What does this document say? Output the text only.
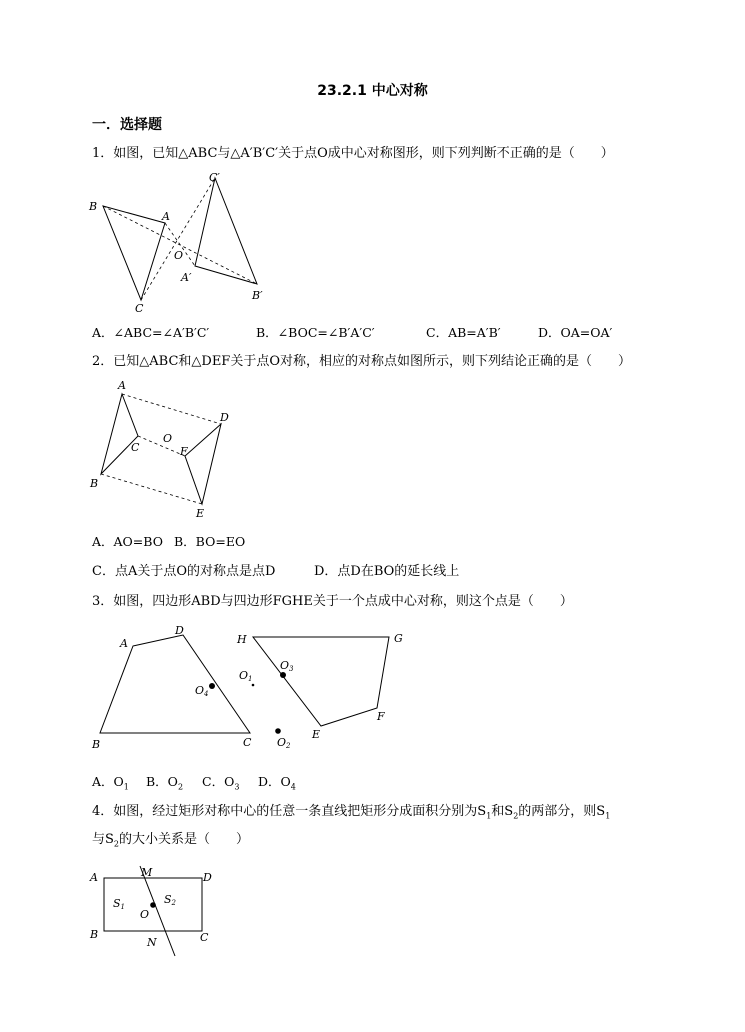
23.2.1 中心对称
一．选择题
1．如图，已知△ABC与△A′B′C′关于点O成中心对称图形，则下列判断不正确的是（　　）
B
A
C
O
C′
A′
B′
A．∠ABC=∠A′B′C′	B．∠BOC=∠B′A′C′	C．AB=A′B′	D．OA=OA′
2．已知△ABC和△DEF关于点O对称，相应的对称点如图所示，则下列结论正确的是（　　）
A
B
C
O
D
F
E
A．AO=BO B．BO=EO
C．点A关于点O的对称点是点D	D．点D在BO的延长线上
3．如图，四边形ABD与四边形FGHE关于一个点成中心对称，则这个点是（　　）
A
D
B	C
O4
H	G
O3
O1
F
E
O2
A．$O_1$ B．$O_2$ C．$O_3$ D．$O_4$
4．如图，经过矩形对称中心的任意一条直线把矩形分成面积分别为$S_1$和$S_2$的两部分，则$S_1$
与$S_2$的大小关系是（　　）
A	M	D
S1
S2
O
B
N	C
